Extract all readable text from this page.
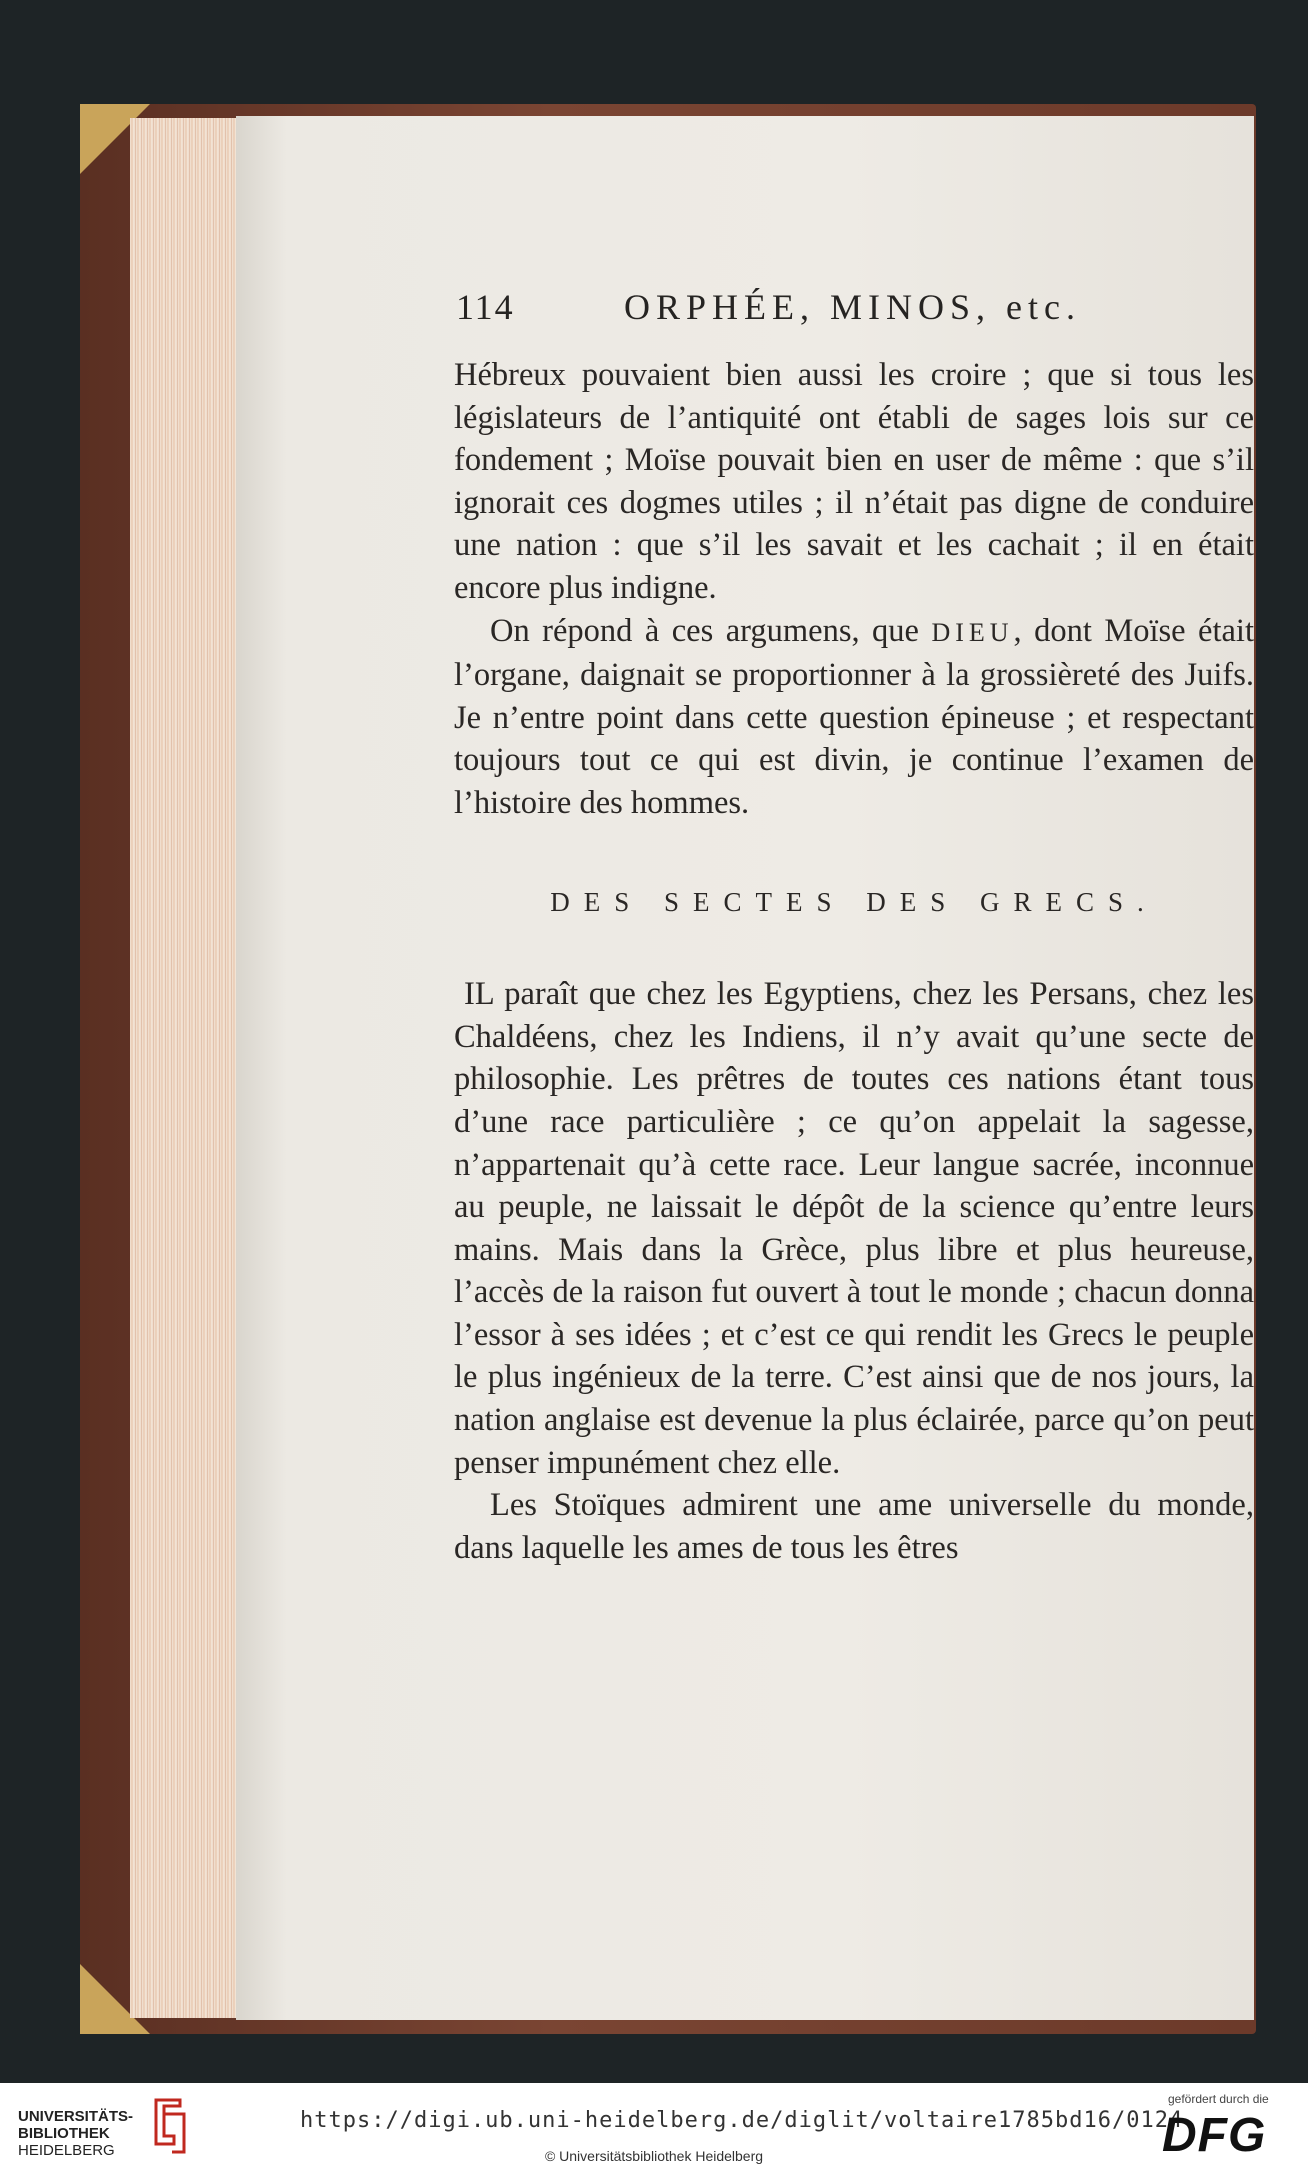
114	ORPHÉE, MINOS, etc.

Hébreux pouvaient bien aussi les croire ; que si tous les législateurs de l’antiquité ont établi de sages lois sur ce fondement ; Moïse pouvait bien en user de même : que s’il ignorait ces dogmes utiles ; il n’était pas digne de conduire une nation : que s’il les savait et les cachait ; il en était encore plus indigne.

On répond à ces argumens, que DIEU, dont Moïse était l’organe, daignait se proportionner à la grossièreté des Juifs. Je n’entre point dans cette question épineuse ; et respectant toujours tout ce qui est divin, je continue l’examen de l’histoire des hommes.

DES SECTES DES GRECS.

IL paraît que chez les Egyptiens, chez les Persans, chez les Chaldéens, chez les Indiens, il n’y avait qu’une secte de philosophie. Les prêtres de toutes ces nations étant tous d’une race particulière ; ce qu’on appelait la sagesse, n’appartenait qu’à cette race. Leur langue sacrée, inconnue au peuple, ne laissait le dépôt de la science qu’entre leurs mains. Mais dans la Grèce, plus libre et plus heureuse, l’accès de la raison fut ouvert à tout le monde ; chacun donna l’essor à ses idées ; et c’est ce qui rendit les Grecs le peuple le plus ingénieux de la terre. C’est ainsi que de nos jours, la nation anglaise est devenue la plus éclairée, parce qu’on peut penser impunément chez elle.

Les Stoïques admirent une ame universelle du monde, dans laquelle les ames de tous les êtres

UNIVERSITÄTS-
BIBLIOTHEK
HEIDELBERG
https://digi.ub.uni-heidelberg.de/diglit/voltaire1785bd16/0124
© Universitätsbibliothek Heidelberg
gefördert durch die
DFG
